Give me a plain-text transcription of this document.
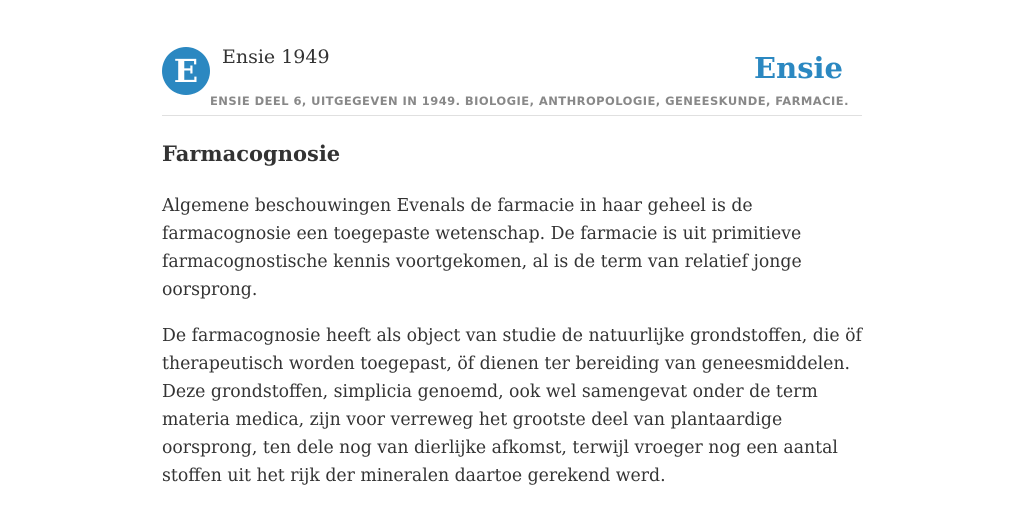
E	Ensie 1949	Ensie
ENSIE DEEL 6, UITGEGEVEN IN 1949. BIOLOGIE, ANTHROPOLOGIE, GENEESKUNDE, FARMACIE.
Farmacognosie

Algemene beschouwingen Evenals de farmacie in haar geheel is de farmacognosie een toegepaste wetenschap. De farmacie is uit primitieve farmacognostische kennis voortgekomen, al is de term van relatief jonge oorsprong.

De farmacognosie heeft als object van studie de natuurlijke grondstoffen, die öf therapeutisch worden toegepast, öf dienen ter bereiding van geneesmiddelen. Deze grondstoffen, simplicia genoemd, ook wel samengevat onder de term materia medica, zijn voor verreweg het grootste deel van plantaardige oorsprong, ten dele nog van dierlijke afkomst, terwijl vroeger nog een aantal stoffen uit het rijk der mineralen daartoe gerekend werd.
